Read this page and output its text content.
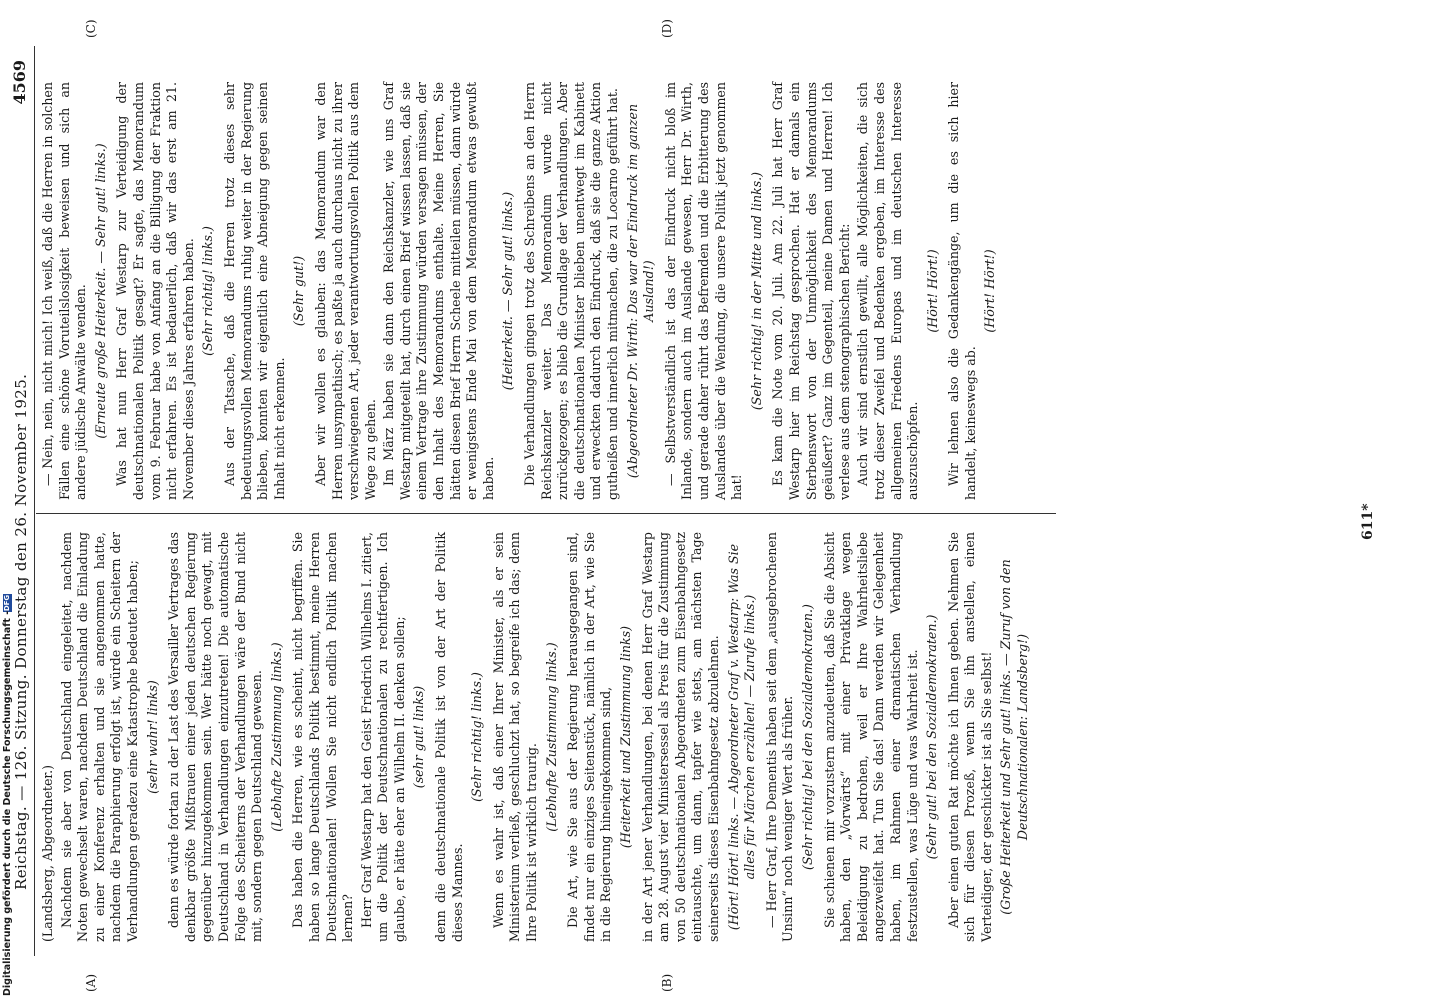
Reichstag. — 126. Sitzung. Donnerstag den 26. November 1925.
4569
(A)	(B)
(C)	(D)

(Landsberg, Abgeordneter.) Nachdem sie aber von Deutschland eingeleitet, nachdem Noten gewechselt waren, nachdem Deutschland die Einladung zu einer Konferenz erhalten und sie angenommen hatte, nachdem die Paraphierung erfolgt ist, würde ein Scheitern der Verhandlungen geradezu eine Katastrophe bedeutet haben; (sehr wahr! links) denn es würde fortan zu der Last des Versailler Vertrages das denkbar größte Mißtrauen einer jeden deutschen Regierung gegenüber hinzugekommen sein. Wer hätte noch gewagt, mit Deutschland in Verhandlungen einzutreten! Die automatische Folge des Scheiterns der Verhandlungen wäre der Bund nicht mit, sondern gegen Deutschland gewesen. (Lebhafte Zustimmung links.) Das haben die Herren, wie es scheint, nicht begriffen. Sie haben so lange Deutschlands Politik bestimmt, meine Herren Deutschnationalen! Wollen Sie nicht endlich Politik machen lernen? Herr Graf Westarp hat den Geist Friedrich Wilhelms I. zitiert, um die Politik der Deutschnationalen zu rechtfertigen. Ich glaube, er hätte eher an Wilhelm II. denken sollen; (sehr gut! links) denn die deutschnationale Politik ist von der Art der Politik dieses Mannes.

(Sehr richtig! links.) Wenn es wahr ist, daß einer Ihrer Minister, als er sein Ministerium verließ, geschluchzt hat, so begreife ich das; denn Ihre Politik ist wirklich traurig.

(Lebhafte Zustimmung links.) Die Art, wie Sie aus der Regierung herausgegangen sind, findet nur ein einziges Seitenstück, nämlich in der Art, wie Sie in die Regierung hineingekommen sind, (Heiterkeit und Zustimmung links) in der Art jener Verhandlungen, bei denen Herr Graf Westarp am 28. August vier Ministersessel als Preis für die Zustimmung von 50 deutschnationalen Abgeordneten zum Eisenbahngesetz eintauschte, um dann, tapfer wie stets, am nächsten Tage seinerseits dieses Eisenbahngesetz abzulehnen. (Hört! Hört! links. — Abgeordneter Graf v. Westarp: Was Sie alles für Märchen erzählen! — Zurufe links.) — Herr Graf, Ihre Dementis haben seit dem „ausgebrochenen Unsinn“ noch weniger Wert als früher. (Sehr richtig! bei den Sozialdemokraten.) Sie schienen mir vorzustern anzudeuten, daß Sie die Absicht haben, den „Vorwärts“ mit einer Privatklage wegen Beleidigung zu bedrohen, weil er Ihre Wahrheitsliebe angezweifelt hat. Tun Sie das! Dann werden wir Gelegenheit haben, im Rahmen einer dramatischen Verhandlung festzustellen, was Lüge und was Wahrheit ist. (Sehr gut! bei den Sozialdemokraten.) Aber einen guten Rat möchte ich Ihnen geben. Nehmen Sie sich für diesen Prozeß, wenn Sie ihn anstellen, einen Verteidiger, der geschickter ist als Sie selbst! (Große Heiterkeit und Sehr gut! links. — Zuruf von den Deutschnationalen: Landsberg!)

— Nein, nein, nicht mich! Ich weiß, daß die Herren in solchen Fällen eine schöne Voruteilslosigkeit beweisen und sich an andere jüdische Anwälte wenden. (Erneute große Heiterkeit. — Sehr gut! links.) Was hat nun Herr Graf Westarp zur Verteidigung der deutschnationalen Politik gesagt? Er sagte, das Memorandum vom 9. Februar habe von Anfang an die Billigung der Fraktion nicht erfahren. Es ist bedauerlich, daß wir das erst am 21. November dieses Jahres erfahren haben. (Sehr richtig! links.) Aus der Tatsache, daß die Herren trotz dieses sehr bedeutungsvollen Memorandums ruhig weiter in der Regierung blieben, konnten wir eigentlich eine Abneigung gegen seinen Inhalt nicht erkennen.

(Sehr gut!) Aber wir wollen es glauben: das Memorandum war den Herren unsympathisch; es paßte ja auch durchaus nicht zu ihrer verschwiegenen Art, jeder verantwortungsvollen Politik aus dem Wege zu gehen. Im März haben sie dann den Reichskanzler, wie uns Graf Westarp mitgeteilt hat, durch einen Brief wissen lassen, daß sie einem Vertrage ihre Zustimmung würden versagen müssen, der den Inhalt des Memorandums enthalte. Meine Herren, Sie hätten diesen Brief Herrn Scheele mitteilen müssen, dann würde er wenigstens Ende Mai von dem Memorandum etwas gewußt haben.

(Heiterkeit. — Sehr gut! links.) Die Verhandlungen gingen trotz des Schreibens an den Herrn Reichskanzler weiter. Das Memorandum wurde nicht zurückgezogen; es blieb die Grundlage der Verhandlungen. Aber die deutschnationalen Minister blieben unentwegt im Kabinett und erweckten dadurch den Eindruck, daß sie die ganze Aktion gutheißen und innerlich mitmachen, die zu Locarno geführt hat. (Abgeordneter Dr. Wirth: Das war der Eindruck im ganzen Ausland!) — Selbstverständlich ist das der Eindruck nicht bloß im Inlande, sondern auch im Auslande gewesen, Herr Dr. Wirth, und gerade daher rührt das Befremden und die Erbitterung des Auslandes über die Wendung, die unsere Politik jetzt genommen hat!

(Sehr richtig! in der Mitte und links.) Es kam die Note vom 20. Juli. Am 22. Juli hat Herr Graf Westarp hier im Reichstag gesprochen. Hat er damals ein Sterbenswort von der Unmöglichkeit des Memorandums geäußert? Ganz im Gegenteil, meine Damen und Herren! Ich verlese aus dem stenographischen Bericht: Auch wir sind ernstlich gewillt, alle Möglichkeiten, die sich trotz dieser Zweifel und Bedenken ergeben, im Interesse des allgemeinen Friedens Europas und im deutschen Interesse auszuschöpfen.

(Hört! Hört!) Wir lehnen also die Gedankengänge, um die es sich hier handelt, keineswegs ab.

(Hört! Hört!)

611*
DFG
Digitalisierung gefördert durch die Deutsche Forschungsgemeinschaft -
